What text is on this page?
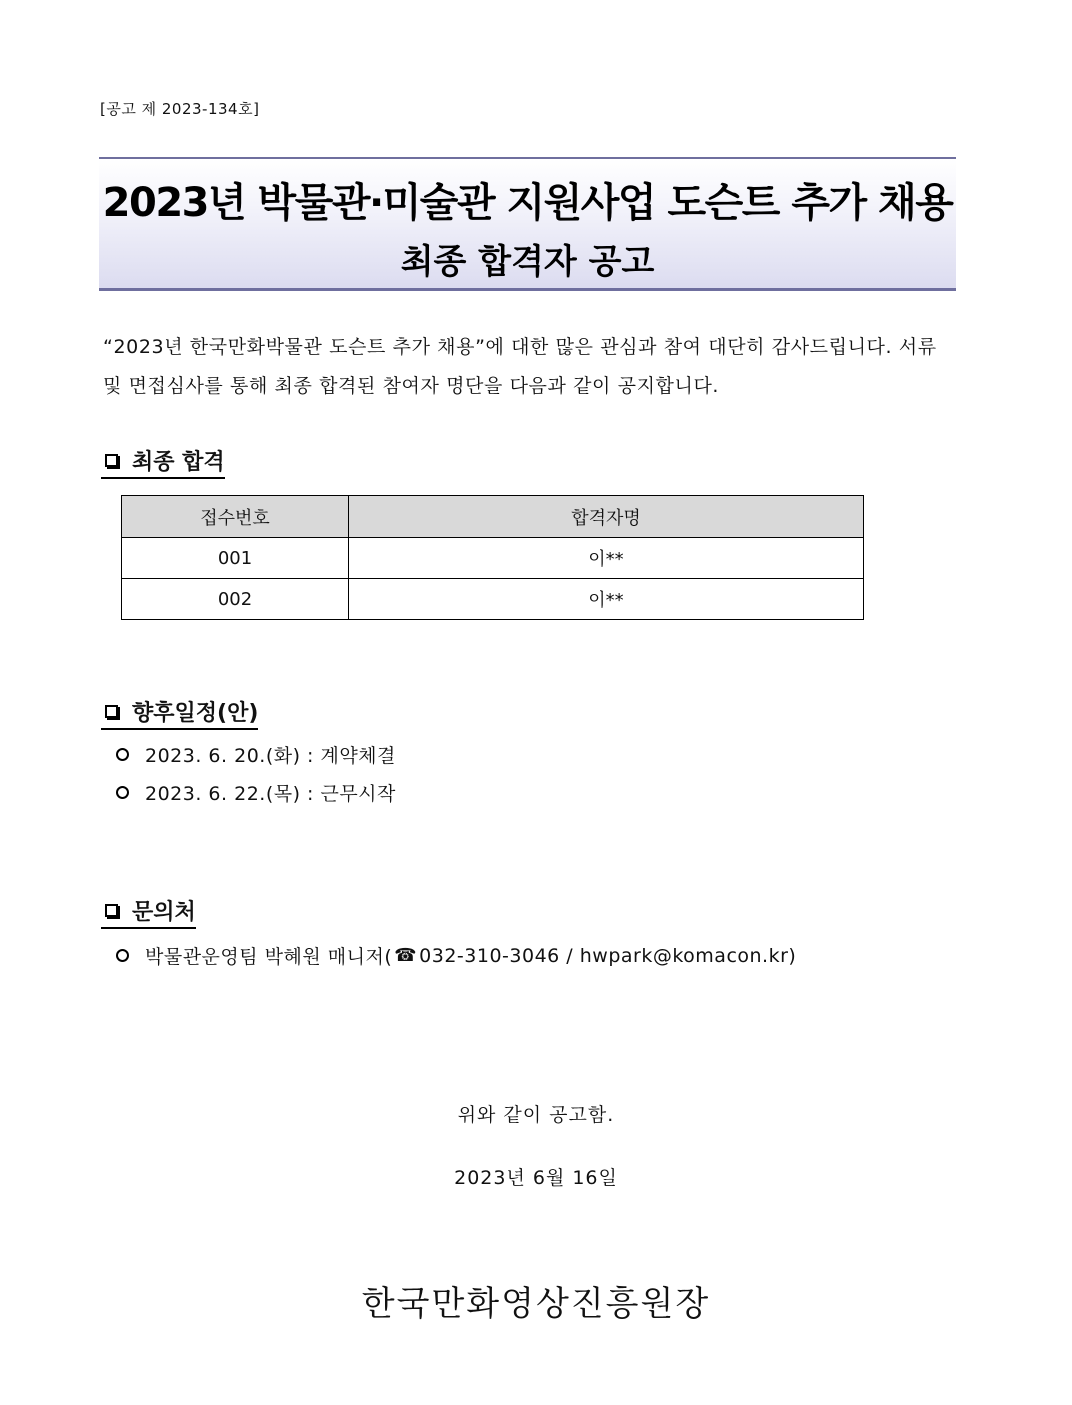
[공고 제 2023-134호]
2023년 박물관·미술관 지원사업 도슨트 추가 채용
최종 합격자 공고
“2023년 한국만화박물관 도슨트 추가 채용”에 대한 많은 관심과 참여 대단히 감사드립니다. 서류 및 면접심사를 통해 최종 합격된 참여자 명단을 다음과 같이 공지합니다.
최종 합격
접수번호	합격자명
001	이**
002	이**
향후일정(안)
2023. 6. 20.(화) : 계약체결
2023. 6. 22.(목) : 근무시작
문의처
박물관운영팀 박혜원 매니저( ☎ 032-310-3046 / hwpark@komacon.kr)
위와 같이 공고함.
2023년 6월 16일
한국만화영상진흥원장
